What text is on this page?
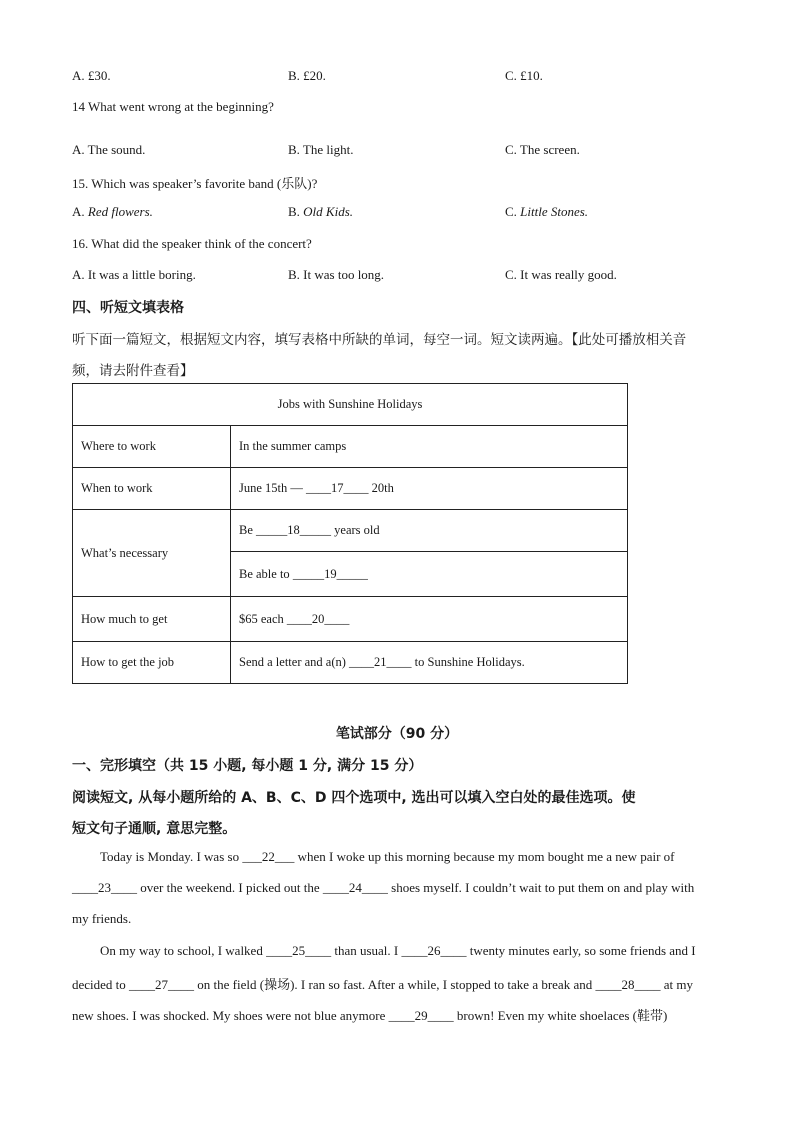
A. £30.	B. £20.	C. £10.
14 What went wrong at the beginning?
A. The sound.	B. The light.	C. The screen.
15. Which was speaker’s favorite band (乐队)?
A. Red flowers.	B. Old Kids.	C. Little Stones.
16. What did the speaker think of the concert?
A. It was a little boring.	B. It was too long.	C. It was really good.
四、听短文填表格
听下面一篇短文，根据短文内容，填写表格中所缺的单词，每空一词。短文读两遍。【此处可播放相关音
频，请去附件查看】
Jobs with Sunshine Holidays	
Where to work	In the summer camps
When to work	June 15th — ____17____ 20th
What’s necessary	Be _____18_____ years old
	Be able to _____19_____
How much to get	$65 each ____20____
How to get the job	Send a letter and a(n) ____21____ to Sunshine Holidays.
笔试部分（90 分）
一、完形填空（共 15 小题, 每小题 1 分, 满分 15 分）
阅读短文, 从每小题所给的 A、B、C、D 四个选项中, 选出可以填入空白处的最佳选项。使
短文句子通顺, 意思完整。
Today is Monday. I was so ___22___ when I woke up this morning because my mom bought me a new pair of
____23____ over the weekend. I picked out the ____24____ shoes myself. I couldn’t wait to put them on and play with
my friends.
On my way to school, I walked ____25____ than usual. I ____26____ twenty minutes early, so some friends and I
decided to ____27____ on the field (操场). I ran so fast. After a while, I stopped to take a break and ____28____ at my
new shoes. I was shocked. My shoes were not blue anymore ____29____ brown! Even my white shoelaces (鞋带)
